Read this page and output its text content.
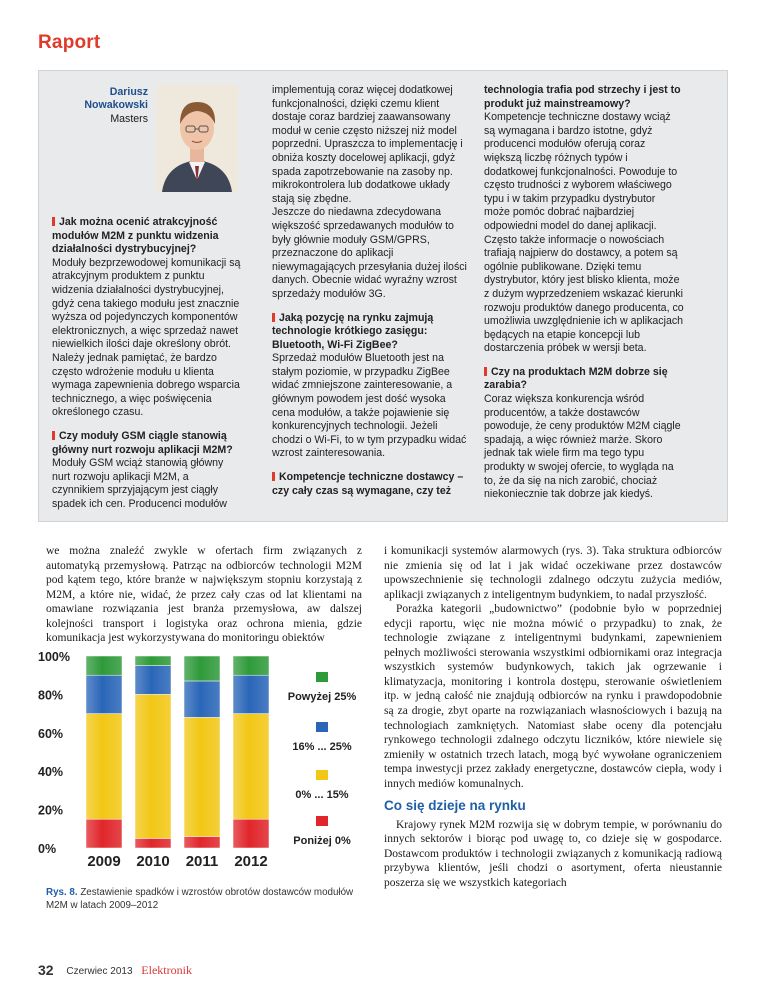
Raport
Dariusz Nowakowski
Masters

Jak można ocenić atrakcyjność modułów M2M z punktu widzenia działalności dystrybucyjnej?

Moduły bezprzewodowej komunikacji są atrakcyjnym produktem z punktu widzenia działalności dystrybucyjnej, gdyż cena takiego modułu jest znacznie wyższa od pojedynczych komponentów elektronicznych, a więc sprzedaż nawet niewielkich ilości daje określony obrót. Należy jednak pamiętać, że bardzo często wdrożenie modułu u klienta wymaga zapewnienia dobrego wsparcia technicznego, a więc poświęcenia określonego czasu.

Czy moduły GSM ciągle stanowią główny nurt rozwoju aplikacji M2M?

Moduły GSM wciąż stanowią główny nurt rozwoju aplikacji M2M, a czynnikiem sprzyjającym jest ciągły spadek ich cen. Producenci modułów

implementują coraz więcej dodatkowej funkcjonalności, dzięki czemu klient dostaje coraz bardziej zaawansowany moduł w cenie często niższej niż model poprzedni. Upraszcza to implementację i obniża koszty docelowej aplikacji, gdyż spada zapotrzebowanie na zasoby np. mikrokontrolera lub dodatkowe układy stają się zbędne.

Jeszcze do niedawna zdecydowana większość sprzedawanych modułów to były głównie moduły GSM/GPRS, przeznaczone do aplikacji niewymagających przesyłania dużej ilości danych. Obecnie widać wyraźny wzrost sprzedaży modułów 3G.

Jaką pozycję na rynku zajmują technologie krótkiego zasięgu: Bluetooth, Wi-Fi ZigBee?

Sprzedaż modułów Bluetooth jest na stałym poziomie, w przypadku ZigBee widać zmniejszone zainteresowanie, a głównym powodem jest dość wysoka cena modułów, a także pojawienie się konkurencyjnych technologii. Jeżeli chodzi o Wi-Fi, to w tym przypadku widać wzrost zainteresowania.

Kompetencje techniczne dostawcy – czy cały czas są wymagane, czy też

technologia trafia pod strzechy i jest to produkt już mainstreamowy?

Kompetencje techniczne dostawy wciąż są wymagana i bardzo istotne, gdyż producenci modułów oferują coraz większą liczbę różnych typów i dodatkowej funkcjonalności. Powoduje to często trudności z wyborem właściwego typu i w takim przypadku dystrybutor może pomóc dobrać najbardziej odpowiedni model do danej aplikacji. Często także informacje o nowościach trafiają najpierw do dostawcy, a potem są ogólnie publikowane. Dzięki temu dystrybutor, który jest blisko klienta, może z dużym wyprzedzeniem wskazać kierunki rozwoju produktów danego producenta, co umożliwia uwzględnienie ich w aplikacjach będących na etapie koncepcji lub dostarczenia próbek w wersji beta.

Czy na produktach M2M dobrze się zarabia?

Coraz większa konkurencja wśród producentów, a także dostawców powoduje, że ceny produktów M2M ciągle spadają, a więc również marże. Skoro jednak tak wiele firm ma tego typu produkty w swojej ofercie, to wygląda na to, że da się na nich zarobić, chociaż niekoniecznie tak dobrze jak kiedyś.

we można znaleźć zwykle w ofertach firm związanych z automatyką przemysłową. Patrząc na odbiorców technologii M2M pod kątem tego, które branże w największym stopniu korzystają z M2M, a które nie, widać, że przez cały czas od lat klientami na omawiane rozwiązania jest branża przemysłowa, aw dalszej kolejności transport i logistyka oraz ochrona mienia, gdzie komunikacja jest wykorzystywana do monitoringu obiektów

i komunikacji systemów alarmowych (rys. 3). Taka struktura odbiorców nie zmienia się od lat i jak widać oczekiwane przez dostawców upowszechnienie się technologii zdalnego odczytu zużycia mediów, aplikacji związanych z inteligentnym budynkiem, to nadal przyszłość.

Porażka kategorii „budownictwo” (podobnie było w poprzedniej edycji raportu, więc nie można mówić o przypadku) to znak, że technologie związane z inteligentnymi budynkami, zapewnieniem pełnych możliwości sterowania wszystkimi odbiornikami oraz integracja wszystkich systemów budynkowych, takich jak ogrzewanie i klimatyzacja, monitoring i kontrola dostępu, sterowanie oświetleniem itp. w jedną całość nie znajdują odbiorców na rynku i prawdopodobnie są za drogie, zbyt oparte na rozwiązaniach własnościowych i bazują na technologiach zamkniętych. Natomiast słabe oceny dla potencjału rynkowego technologii zdalnego odczytu liczników, które niewiele się zmieniły w ostatnich trzech latach, mogą być wywołane ograniczeniem tempa inwestycji przez zakłady energetyczne, dostawców ciepła, wody i innych mediów komunalnych.

Co się dzieje na rynku

Krajowy rynek M2M rozwija się w dobrym tempie, w porównaniu do innych sektorów i biorąc pod uwagę to, co dzieje się w gospodarce. Dostawcom produktów i technologii związanych z komunikacją radiową przybywa klientów, jeśli chodzi o asortyment, oferta nieustannie poszerza się we wszystkich kategoriach

0%
20%
40%
60%
80%
100%
2009 2010 2011 2012
Powyżej 25%
16% ... 25%
0% ... 15%
Poniżej 0%
Rys. 8. Zestawienie spadków i wzrostów obrotów dostawców modułów M2M w latach 2009–2012
32 Czerwiec 2013 Elektronik
